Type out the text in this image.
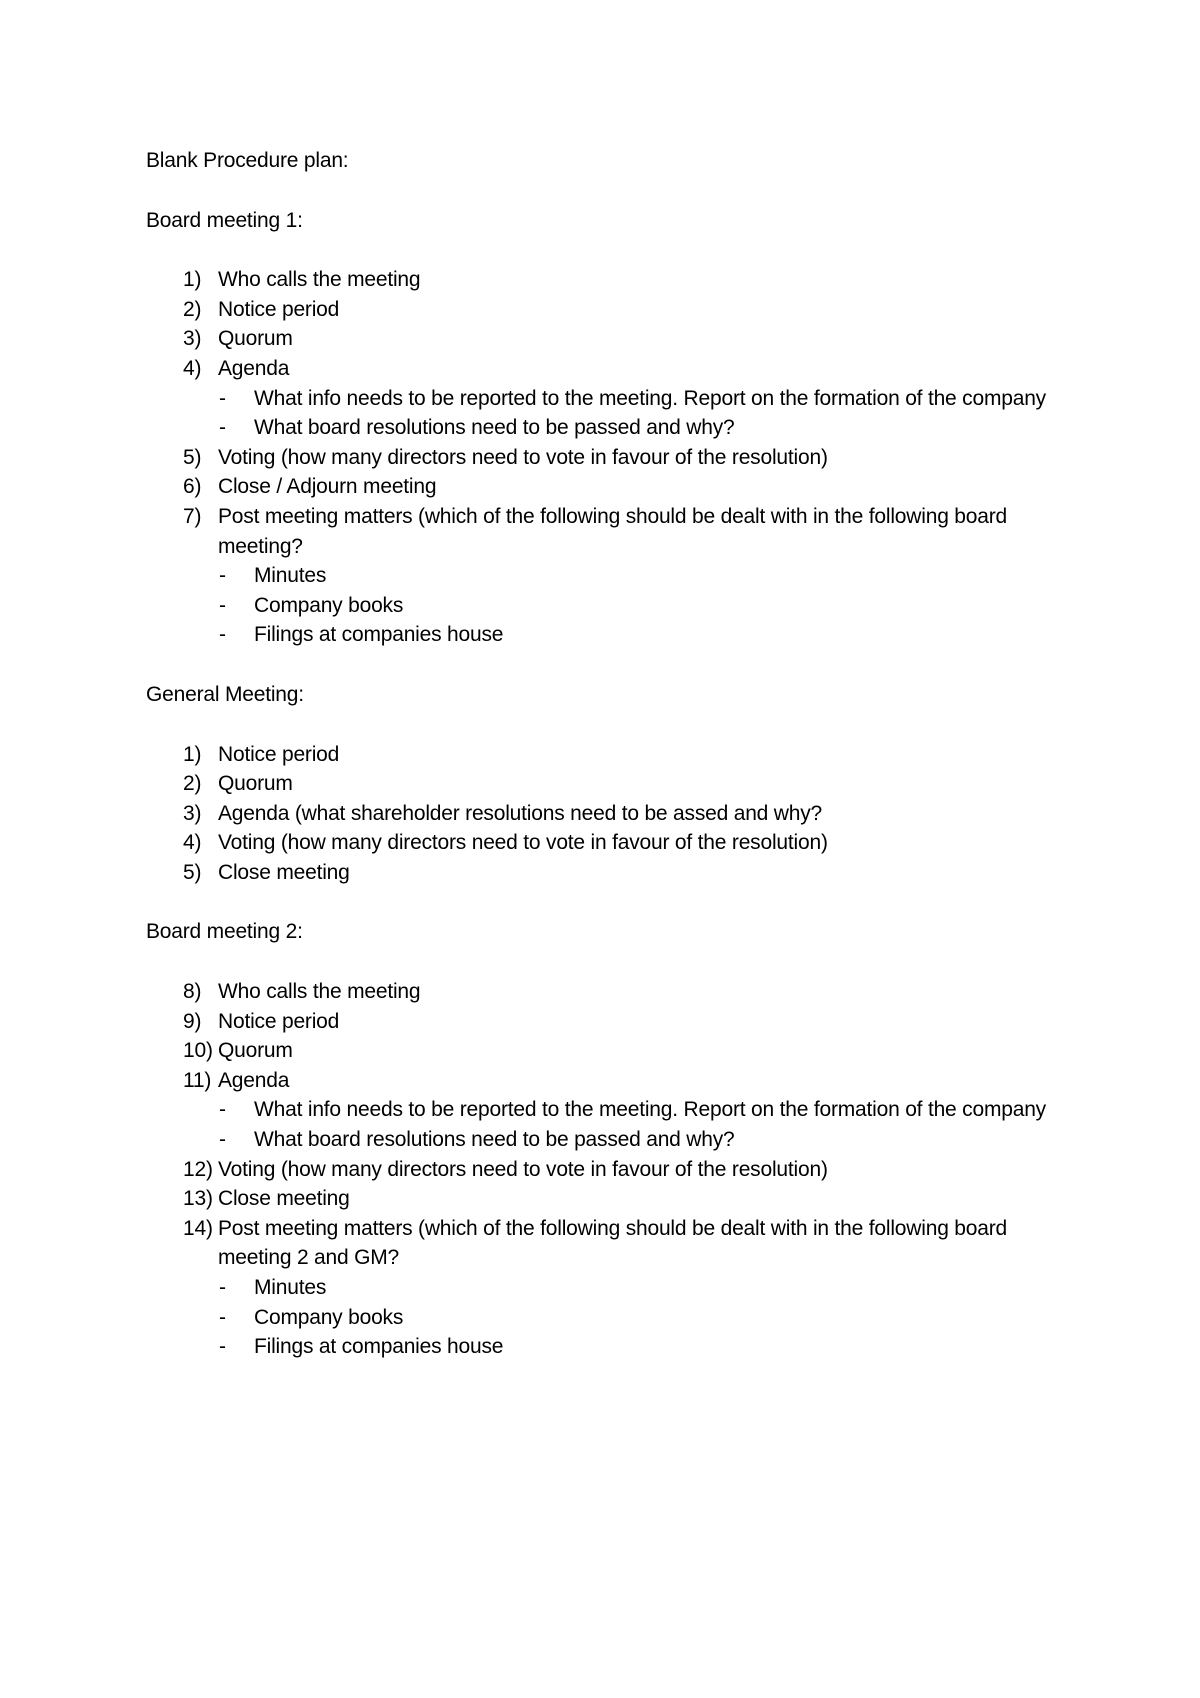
Blank Procedure plan:

Board meeting 1:

1) Who calls the meeting
2) Notice period
3) Quorum
4) Agenda
- What info needs to be reported to the meeting. Report on the formation of the company
- What board resolutions need to be passed and why?
5) Voting (how many directors need to vote in favour of the resolution)
6) Close / Adjourn meeting
7) Post meeting matters (which of the following should be dealt with in the following board meeting?
- Minutes
- Company books
- Filings at companies house

General Meeting:

1) Notice period
2) Quorum
3) Agenda (what shareholder resolutions need to be assed and why?
4) Voting (how many directors need to vote in favour of the resolution)
5) Close meeting

Board meeting 2:

8) Who calls the meeting
9) Notice period
10) Quorum
11) Agenda
- What info needs to be reported to the meeting. Report on the formation of the company
- What board resolutions need to be passed and why?
12) Voting (how many directors need to vote in favour of the resolution)
13) Close meeting
14) Post meeting matters (which of the following should be dealt with in the following board meeting 2 and GM?
- Minutes
- Company books
- Filings at companies house
